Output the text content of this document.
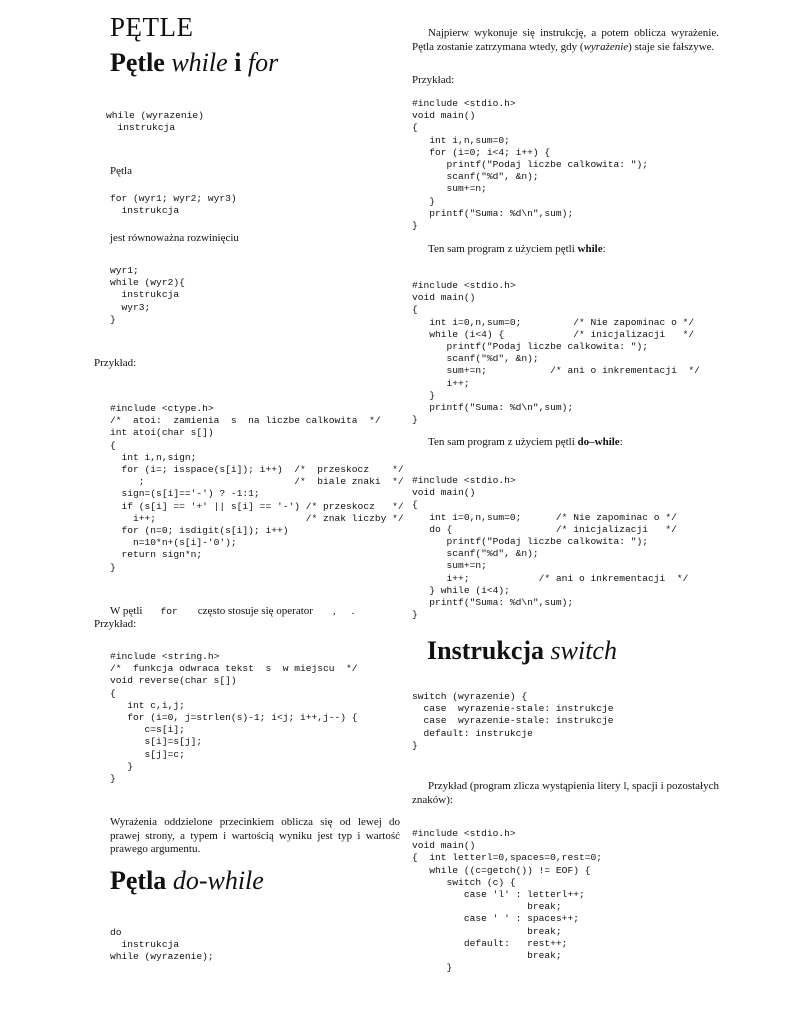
PĘTLE
Pętle while i for
while (wyrazenie)
instrukcja
Pętla
for (wyr1; wyr2; wyr3)
instrukcja
jest równoważna rozwinięciu
wyr1;
while (wyr2){
instrukcja
wyr3;
}
Przykład:
#include <ctype.h>
/*  atoi:  zamienia  s  na liczbe calkowita  */
int atoi(char s[])
{
int i,n,sign;
for (i=; isspace(s[i]); i++)  /*  przeskocz    */
;                          /*  biale znaki  */
sign=(s[i]=='-') ? -1:1;
if (s[i] == '+' || s[i] == '-') /* przeskocz   */
i++;                          /* znak liczby */
for (n=0; isdigit(s[i]); i++)
n=10*n+(s[i]-'0');
return sign*n;
}
W pętli for często stosuje się operator , .
Przykład:
#include <string.h>
/*  funkcja odwraca tekst  s  w miejscu  */
void reverse(char s[])
{
int c,i,j;
for (i=0, j=strlen(s)-1; i<j; i++,j--) {
c=s[i];
s[i]=s[j];
s[j]=c;
}
}
Wyrażenia oddzielone przecinkiem oblicza się od lewej do prawej strony, a typem i wartością wyniku jest typ i wartość prawego argumentu.
Pętla do-while
do
instrukcja
while (wyrazenie);
Najpierw wykonuje się instrukcję, a potem oblicza wyrażenie. Pętla zostanie zatrzymana wtedy, gdy (wyrażenie) staje sie fałszywe.
Przykład:
#include <stdio.h>
void main()
{
int i,n,sum=0;
for (i=0; i<4; i++) {
printf("Podaj liczbe calkowita: ");
scanf("%d", &n);
sum+=n;
}
printf("Suma: %d\n",sum);
}
Ten sam program z użyciem pętli while:
#include <stdio.h>
void main()
{
int i=0,n,sum=0;         /* Nie zapominac o */
while (i<4) {            /* inicjalizacji   */
printf("Podaj liczbe calkowita: ");
scanf("%d", &n);
sum+=n;           /* ani o inkrementacji  */
i++;
}
printf("Suma: %d\n",sum);
}
Ten sam program z użyciem pętli do–while:
#include <stdio.h>
void main()
{
int i=0,n,sum=0;      /* Nie zapominac o */
do {                  /* inicjalizacji   */
printf("Podaj liczbe calkowita: ");
scanf("%d", &n);
sum+=n;
i++;            /* ani o inkrementacji  */
} while (i<4);
printf("Suma: %d\n",sum);
}
Instrukcja switch
switch (wyrazenie) {
case  wyrazenie-stale: instrukcje
case  wyrazenie-stale: instrukcje
default: instrukcje
}
Przykład (program zlicza wystąpienia litery l, spacji i pozostałych znaków):
#include <stdio.h>
void main()
{  int letterl=0,spaces=0,rest=0;
while ((c=getch()) != EOF) {
switch (c) {
case 'l' : letterl++;
break;
case ' ' : spaces++;
break;
default:   rest++;
break;
}
